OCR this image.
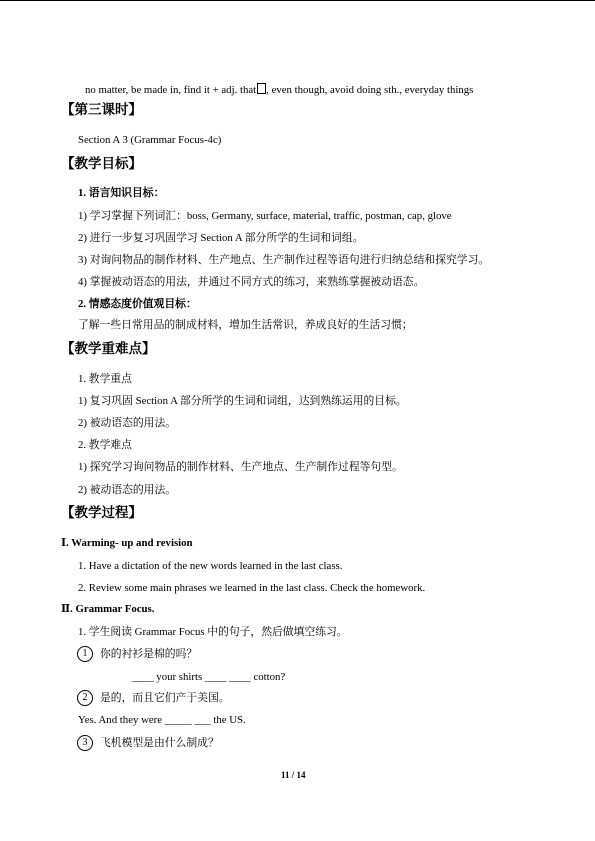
no matter, be made in, find it + adj. that , even though, avoid doing sth., everyday things
【第三课时】
Section A 3 (Grammar Focus-4c)
【教学目标】
1. 语言知识目标：
1) 学习掌握下列词汇：boss, Germany, surface, material, traffic, postman, cap, glove
2) 进行一步复习巩固学习 Section A 部分所学的生词和词组。
3) 对询问物品的制作材料、生产地点、生产制作过程等语句进行归纳总结和探究学习。
4) 掌握被动语态的用法，并通过不同方式的练习，来熟练掌握被动语态。
2. 情感态度价值观目标：
了解一些日常用品的制成材料，增加生活常识，养成良好的生活习惯；
【教学重难点】
1. 教学重点
1) 复习巩固 Section A 部分所学的生词和词组，达到熟练运用的目标。
2) 被动语态的用法。
2. 教学难点
1) 探究学习询问物品的制作材料、生产地点、生产制作过程等句型。
2) 被动语态的用法。
【教学过程】
Ⅰ. Warming- up and revision
1. Have a dictation of the new words learned in the last class.
2. Review some main phrases we learned in the last class. Check the homework.
Ⅱ. Grammar Focus.
1. 学生阅读 Grammar Focus 中的句子，然后做填空练习。
1	你的衬衫是棉的吗？
____ your shirts ____ ____ cotton?
2	是的，而且它们产于美国。
Yes. And they were _____ ___ the US.
3	飞机模型是由什么制成？
11 / 14
